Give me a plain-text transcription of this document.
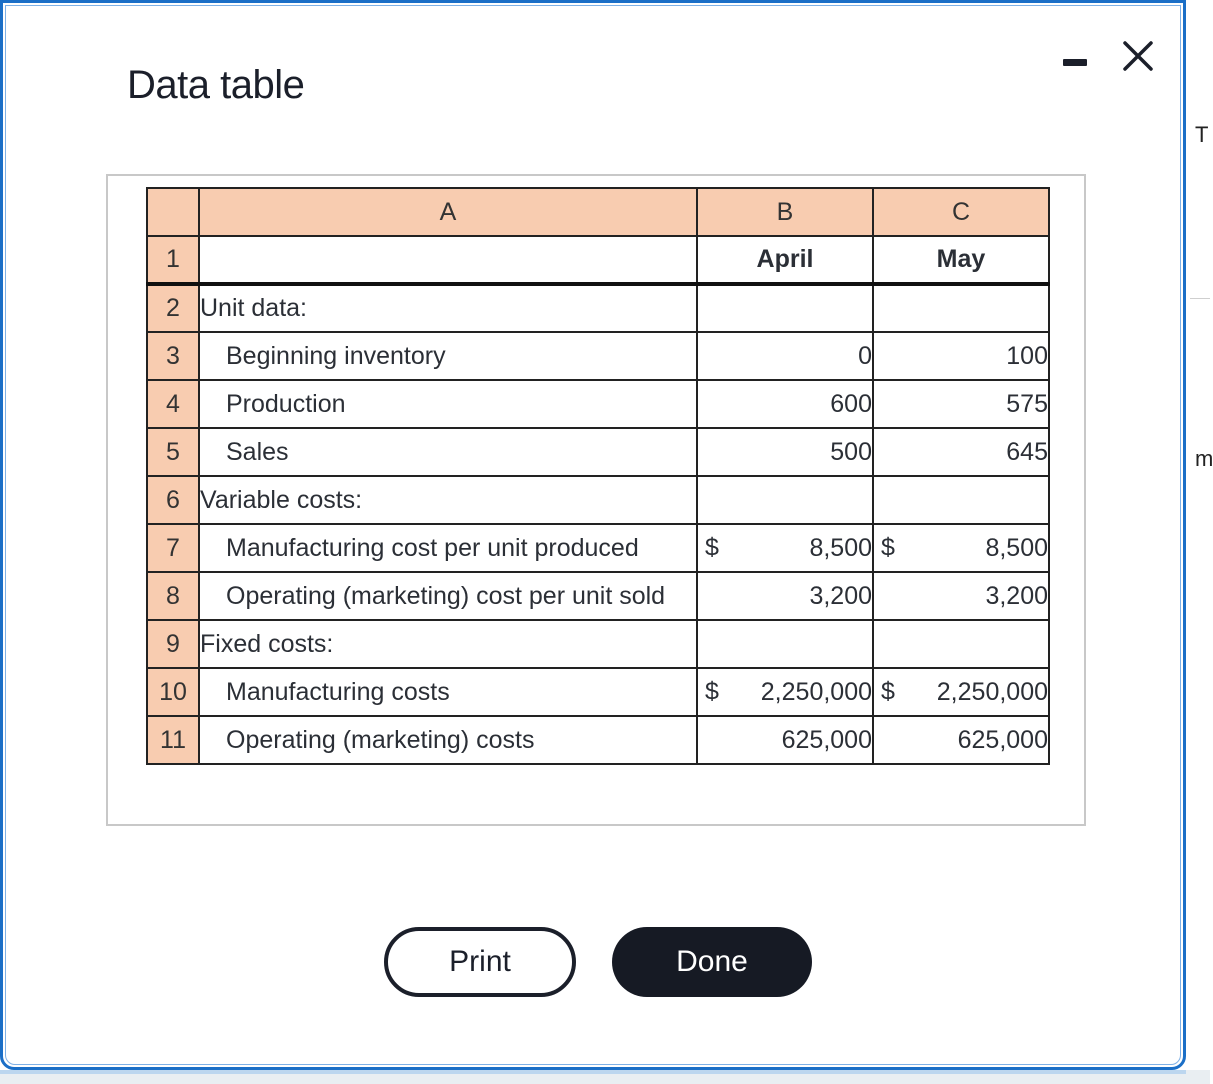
Data table
	A	B	C
1		April	May
2	Unit data:		
3	Beginning inventory	0	100
4	Production	600	575
5	Sales	500	645
6	Variable costs:		
7	Manufacturing cost per unit produced	$ 8,500	$ 8,500
8	Operating (marketing) cost per unit sold	3,200	3,200
9	Fixed costs:		
10	Manufacturing costs	$ 2,250,000	$ 2,250,000
11	Operating (marketing) costs	625,000	625,000
Print	Done
T
m
